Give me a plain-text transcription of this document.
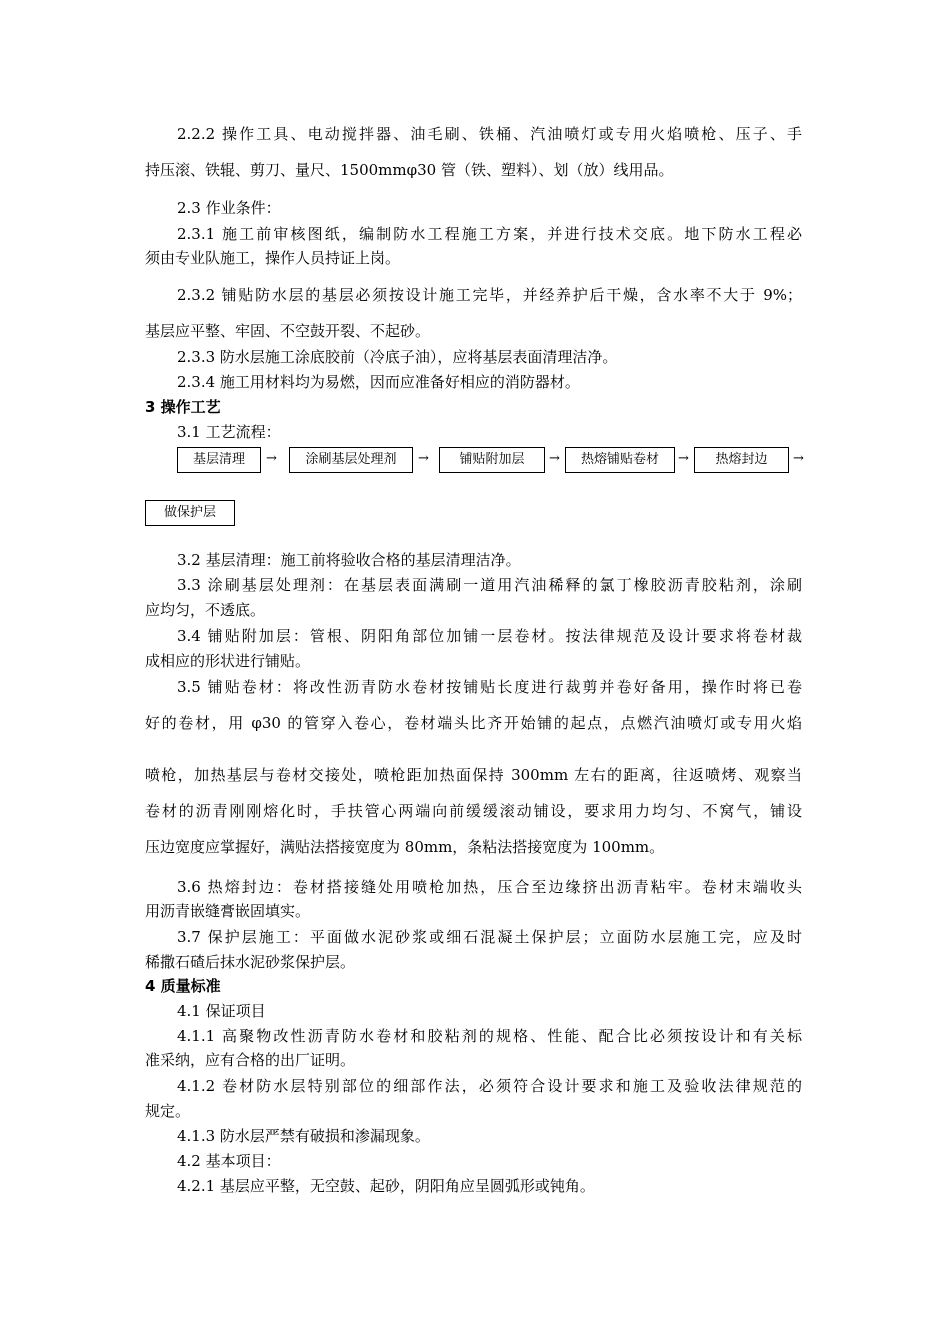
2.2.2 操作工具、电动搅拌器、油毛刷、铁桶、汽油喷灯或专用火焰喷枪、压子、手
持压滚、铁辊、剪刀、量尺、1500mmφ30 管（铁、塑料）、划（放）线用品。
2.3 作业条件：
2.3.1 施工前审核图纸，编制防水工程施工方案，并进行技术交底。地下防水工程必
须由专业队施工，操作人员持证上岗。
2.3.2 铺贴防水层的基层必须按设计施工完毕，并经养护后干燥，含水率不大于 9%；
基层应平整、牢固、不空鼓开裂、不起砂。
2.3.3 防水层施工涂底胶前（冷底子油），应将基层表面清理洁净。
2.3.4 施工用材料均为易燃，因而应准备好相应的消防器材。
3 操作工艺
3.1 工艺流程：
基层清理	→	涂刷基层处理剂	→	铺贴附加层	→	热熔铺贴卷材	→	热熔封边	→
做保护层
3.2 基层清理：施工前将验收合格的基层清理洁净。
3.3 涂刷基层处理剂：在基层表面满刷一道用汽油稀释的氯丁橡胶沥青胶粘剂，涂刷
应均匀，不透底。
3.4 铺贴附加层：管根、阴阳角部位加铺一层卷材。按法律规范及设计要求将卷材裁
成相应的形状进行铺贴。
3.5 铺贴卷材：将改性沥青防水卷材按铺贴长度进行裁剪并卷好备用，操作时将已卷
好的卷材，用 φ30 的管穿入卷心，卷材端头比齐开始铺的起点，点燃汽油喷灯或专用火焰
喷枪，加热基层与卷材交接处，喷枪距加热面保持 300mm 左右的距离，往返喷烤、观察当
卷材的沥青刚刚熔化时，手扶管心两端向前缓缓滚动铺设，要求用力均匀、不窝气，铺设
压边宽度应掌握好，满贴法搭接宽度为 80mm，条粘法搭接宽度为 100mm。
3.6 热熔封边：卷材搭接缝处用喷枪加热，压合至边缘挤出沥青粘牢。卷材末端收头
用沥青嵌缝膏嵌固填实。
3.7 保护层施工：平面做水泥砂浆或细石混凝土保护层；立面防水层施工完，应及时
稀撒石碴后抹水泥砂浆保护层。
4 质量标准
4.1 保证项目
4.1.1 高聚物改性沥青防水卷材和胶粘剂的规格、性能、配合比必须按设计和有关标
准采纳，应有合格的出厂证明。
4.1.2 卷材防水层特别部位的细部作法，必须符合设计要求和施工及验收法律规范的
规定。
4.1.3 防水层严禁有破损和渗漏现象。
4.2 基本项目：
4.2.1 基层应平整，无空鼓、起砂，阴阳角应呈圆弧形或钝角。
